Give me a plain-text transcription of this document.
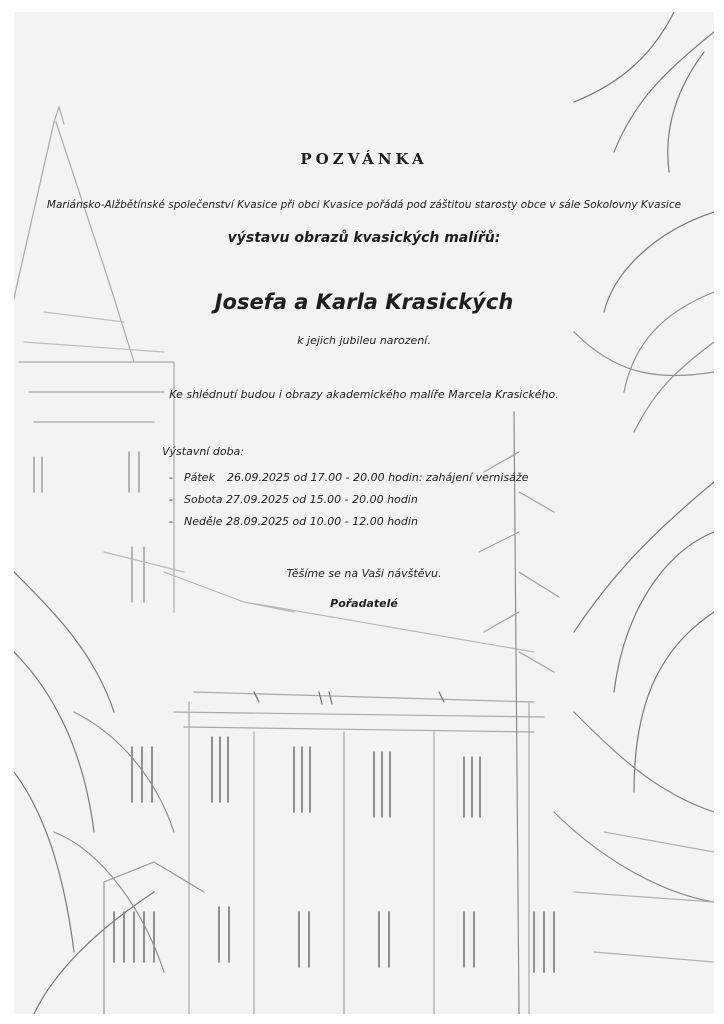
POZVÁNKA
Mariánsko-Alžbětínské společenství Kvasice při obci Kvasice pořádá pod záštitou starosty obce v sále Sokolovny Kvasice
výstavu obrazů kvasických malířů:
Josefa a Karla Krasických
k jejich jubileu narození.
Ke shlédnutí budou i obrazy akademického malíře Marcela Krasického.
Výstavní doba:
- Pátek 26.09.2025 od 17.00 - 20.00 hodin: zahájení vernisáže
- Sobota 27.09.2025 od 15.00 - 20.00 hodin
- Neděle 28.09.2025 od 10.00 - 12.00 hodin
Těšíme se na Vaši návštěvu.
Pořadatelé
